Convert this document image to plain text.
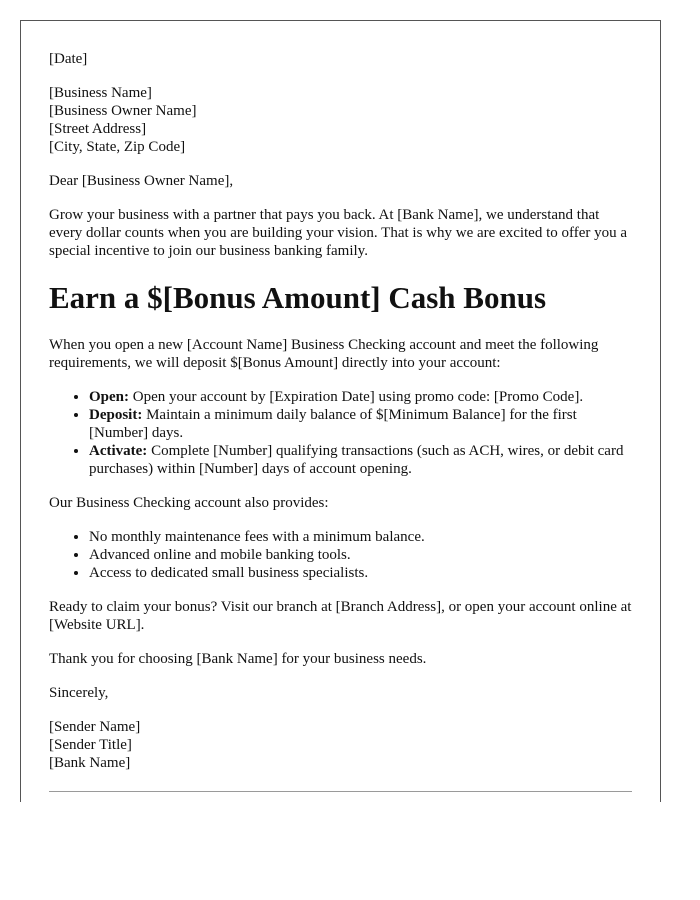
[Date]

[Business Name]
[Business Owner Name]
[Street Address]
[City, State, Zip Code]

Dear [Business Owner Name],

Grow your business with a partner that pays you back. At [Bank Name], we understand that every dollar counts when you are building your vision. That is why we are excited to offer you a special incentive to join our business banking family.

Earn a $[Bonus Amount] Cash Bonus

When you open a new [Account Name] Business Checking account and meet the following requirements, we will deposit $[Bonus Amount] directly into your account:

• Open: Open your account by [Expiration Date] using promo code: [Promo Code].
• Deposit: Maintain a minimum daily balance of $[Minimum Balance] for the first [Number] days.
• Activate: Complete [Number] qualifying transactions (such as ACH, wires, or debit card purchases) within [Number] days of account opening.

Our Business Checking account also provides:

• No monthly maintenance fees with a minimum balance.
• Advanced online and mobile banking tools.
• Access to dedicated small business specialists.

Ready to claim your bonus? Visit our branch at [Branch Address], or open your account online at [Website URL].

Thank you for choosing [Bank Name] for your business needs.

Sincerely,

[Sender Name]
[Sender Title]
[Bank Name]
